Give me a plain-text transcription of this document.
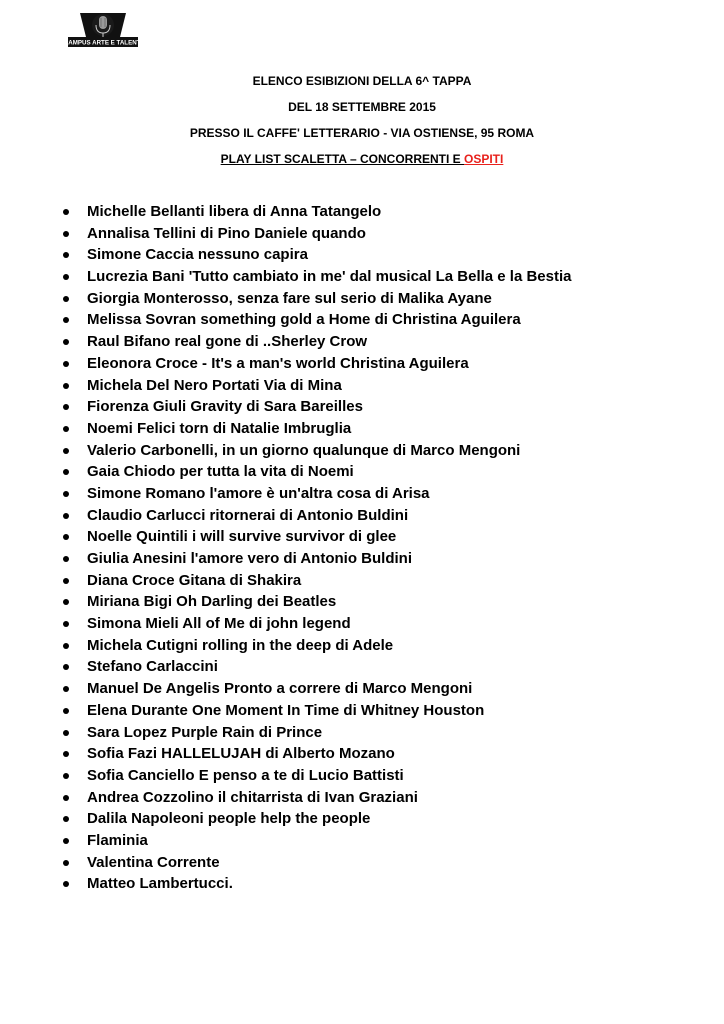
CAMPUS ARTE E TALENTI
ELENCO ESIBIZIONI DELLA 6^ TAPPA
DEL 18 SETTEMBRE 2015
PRESSO IL CAFFE' LETTERARIO - VIA OSTIENSE, 95 ROMA
PLAY LIST SCALETTA – CONCORRENTI E OSPITI
Michelle Bellanti libera di Anna Tatangelo
Annalisa Tellini di Pino Daniele quando
Simone Caccia nessuno capira
Lucrezia Bani 'Tutto cambiato in me' dal musical La Bella e la Bestia
Giorgia Monterosso, senza fare sul serio di Malika Ayane
Melissa Sovran something gold a Home di Christina Aguilera
Raul Bifano real gone di ..Sherley Crow
Eleonora Croce - It's a man's world Christina Aguilera
Michela Del Nero Portati Via di Mina
Fiorenza Giuli Gravity di Sara Bareilles
Noemi Felici torn di Natalie Imbruglia
Valerio Carbonelli, in un giorno qualunque di Marco Mengoni
Gaia Chiodo per tutta la vita di Noemi
Simone Romano l'amore è un'altra cosa di Arisa
Claudio Carlucci ritornerai di Antonio Buldini
Noelle Quintili i will survive survivor di glee
Giulia Anesini l'amore vero di Antonio Buldini
Diana Croce Gitana di Shakira
Miriana Bigi Oh Darling dei Beatles
Simona Mieli All of Me di john legend
Michela Cutigni rolling in the deep di Adele
Stefano Carlaccini
Manuel De Angelis Pronto a correre di Marco Mengoni
Elena Durante One Moment In Time di Whitney Houston
Sara Lopez Purple Rain di Prince
Sofia Fazi HALLELUJAH di Alberto Mozano
Sofia Canciello E penso a te di Lucio Battisti
Andrea Cozzolino il chitarrista di Ivan Graziani
Dalila Napoleoni people help the people
Flaminia
Valentina Corrente
Matteo Lambertucci.
